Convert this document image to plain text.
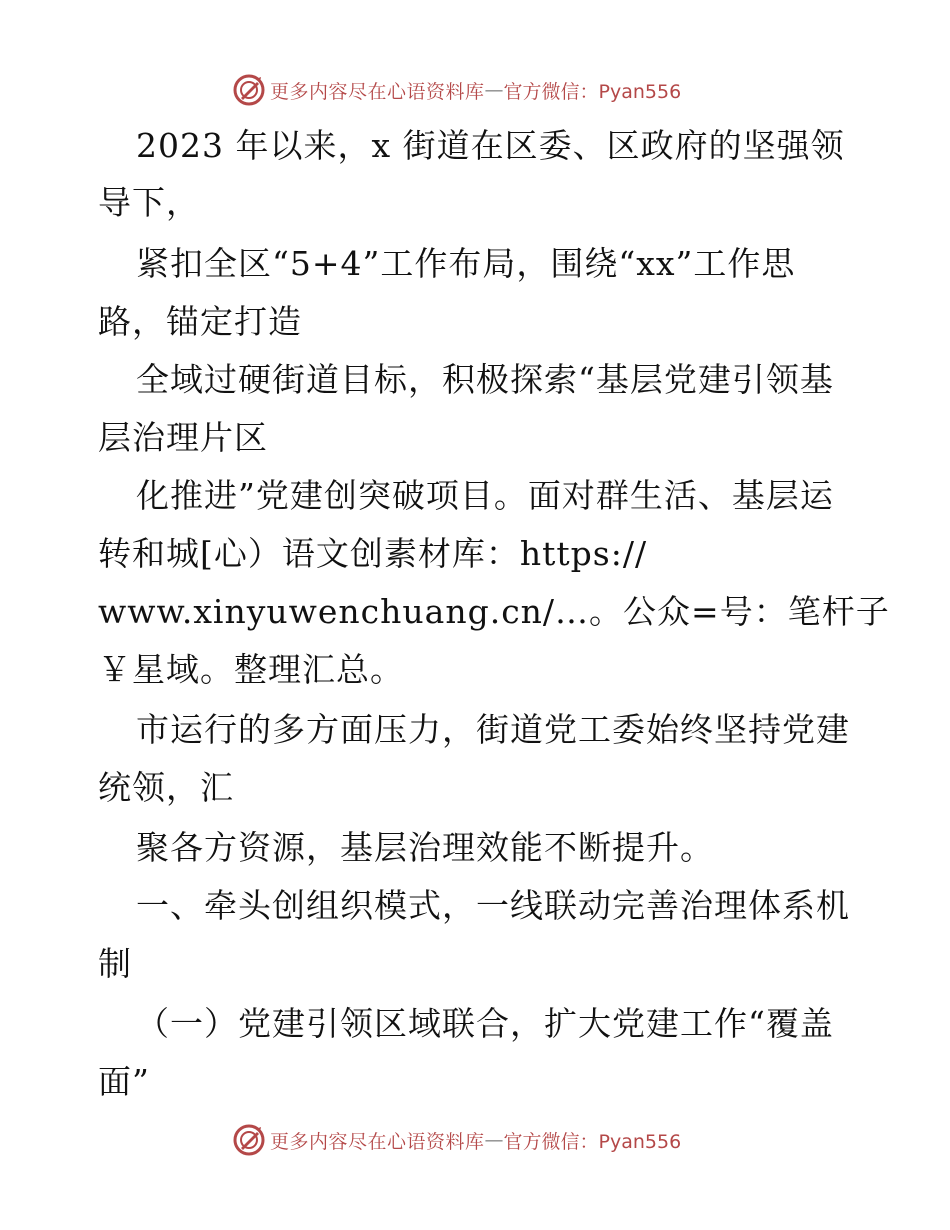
更多内容尽在心语资料库 — 官方微信：Pyan556
2023 年以来，x 街道在区委、区政府的坚强领
导下，
紧扣全区“5+4”工作布局，围绕“xx”工作思
路，锚定打造
全域过硬街道目标，积极探索“基层党建引领基
层治理片区
化推进”党建创突破项目。面对群生活、基层运
转和城[心）语文创素材库：https://
www.xinyuwenchuang.cn/…。公众=号：笔杆子
￥星域。整理汇总。
市运行的多方面压力，街道党工委始终坚持党建
统领，汇
聚各方资源，基层治理效能不断提升。
一、牵头创组织模式，一线联动完善治理体系机
制
（一）党建引领区域联合，扩大党建工作“覆盖
面”
更多内容尽在心语资料库 — 官方微信：Pyan556
